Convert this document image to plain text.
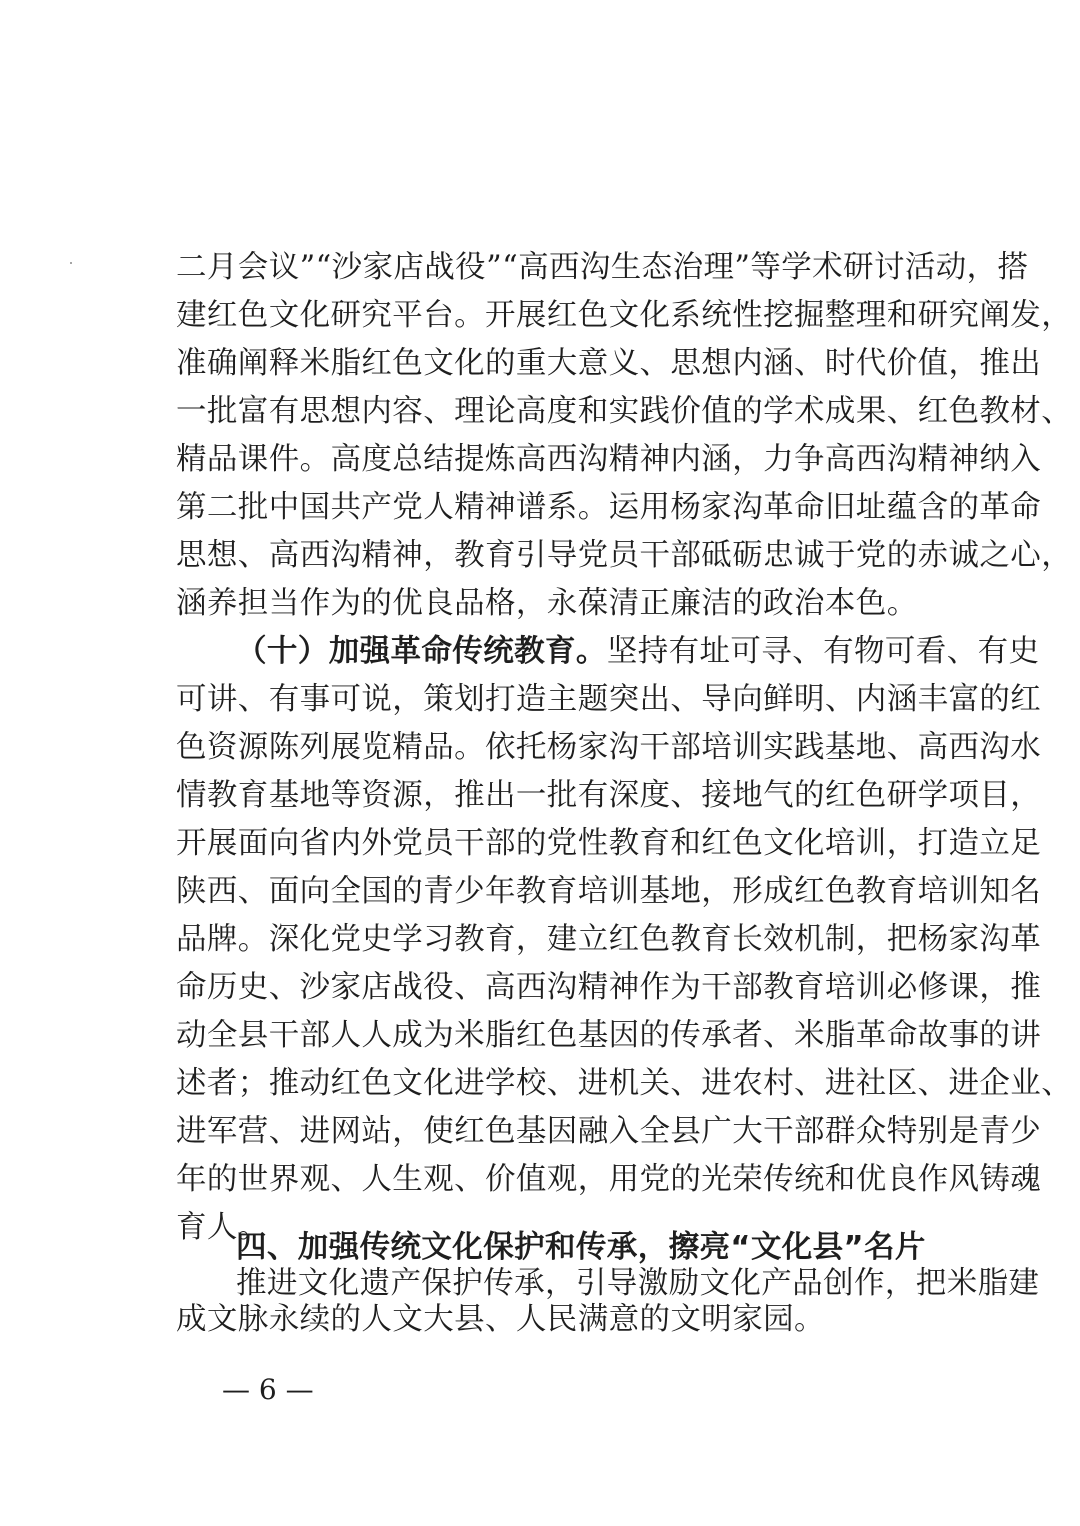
二月会议”“沙家店战役”“高西沟生态治理”等学术研讨活动，搭
建红色文化研究平台。开展红色文化系统性挖掘整理和研究阐发，
准确阐释米脂红色文化的重大意义、思想内涵、时代价值，推出
一批富有思想内容、理论高度和实践价值的学术成果、红色教材、
精品课件。高度总结提炼高西沟精神内涵，力争高西沟精神纳入
第二批中国共产党人精神谱系。运用杨家沟革命旧址蕴含的革命
思想、高西沟精神，教育引导党员干部砥砺忠诚于党的赤诚之心，
涵养担当作为的优良品格，永葆清正廉洁的政治本色。
（十）加强革命传统教育。坚持有址可寻、有物可看、有史
可讲、有事可说，策划打造主题突出、导向鲜明、内涵丰富的红
色资源陈列展览精品。依托杨家沟干部培训实践基地、高西沟水
情教育基地等资源，推出一批有深度、接地气的红色研学项目，
开展面向省内外党员干部的党性教育和红色文化培训，打造立足
陕西、面向全国的青少年教育培训基地，形成红色教育培训知名
品牌。深化党史学习教育，建立红色教育长效机制，把杨家沟革
命历史、沙家店战役、高西沟精神作为干部教育培训必修课，推
动全县干部人人成为米脂红色基因的传承者、米脂革命故事的讲
述者；推动红色文化进学校、进机关、进农村、进社区、进企业、
进军营、进网站，使红色基因融入全县广大干部群众特别是青少
年的世界观、人生观、价值观，用党的光荣传统和优良作风铸魂
育人。
四、加强传统文化保护和传承，擦亮“文化县”名片
推进文化遗产保护传承，引导激励文化产品创作，把米脂建
成文脉永续的人文大县、人民满意的文明家园。
— 6 —
